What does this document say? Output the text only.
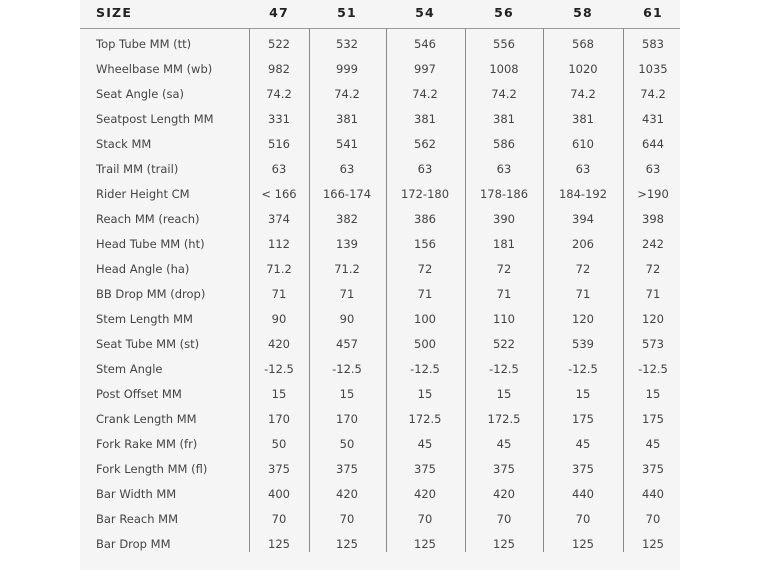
SIZE	47	51	54	56	58	61
Top Tube MM (tt)	522	532	546	556	568	583
Wheelbase MM (wb)	982	999	997	1008	1020	1035
Seat Angle (sa)	74.2	74.2	74.2	74.2	74.2	74.2
Seatpost Length MM	331	381	381	381	381	431
Stack MM	516	541	562	586	610	644
Trail MM (trail)	63	63	63	63	63	63
Rider Height CM	< 166	166-174	172-180	178-186	184-192	>190
Reach MM (reach)	374	382	386	390	394	398
Head Tube MM (ht)	112	139	156	181	206	242
Head Angle (ha)	71.2	71.2	72	72	72	72
BB Drop MM (drop)	71	71	71	71	71	71
Stem Length MM	90	90	100	110	120	120
Seat Tube MM (st)	420	457	500	522	539	573
Stem Angle	-12.5	-12.5	-12.5	-12.5	-12.5	-12.5
Post Offset MM	15	15	15	15	15	15
Crank Length MM	170	170	172.5	172.5	175	175
Fork Rake MM (fr)	50	50	45	45	45	45
Fork Length MM (fl)	375	375	375	375	375	375
Bar Width MM	400	420	420	420	440	440
Bar Reach MM	70	70	70	70	70	70
Bar Drop MM	125	125	125	125	125	125
